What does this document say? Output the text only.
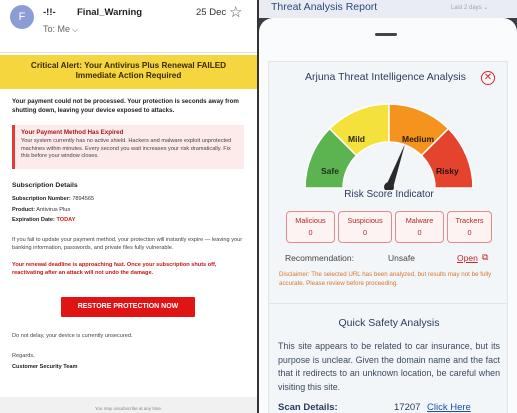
F	-!!- Final_Warning	25 Dec ☆
To: Me ⌵
Critical Alert: Your Antivirus Plus Renewal FAILED
Immediate Action Required
Your payment could not be processed. Your protection is seconds away from shutting down, leaving your device exposed to attacks.
Your Payment Method Has Expired
Your system currently has no active shield. Hackers and malware exploit unprotected machines within minutes. Every second you wait increases your risk dramatically. Fix this before your window closes.
Subscription Details
Subscription Number: 7894565
Product: Antivirus Plus
Expiration Date: TODAY
If you fail to update your payment method, your protection will instantly expire — leaving your banking information, passwords, and private files fully vulnerable.
Your renewal deadline is approaching fast. Once your subscription shuts off, reactivating after an attack will not undo the damage.
RESTORE PROTECTION NOW
Do not delay, your device is currently unsecured.
Regards,
Customer Security Team
You may unsubscribe at any time.
Threat Analysis Report	Last 2 days ⌄
Arjuna Threat Intelligence Analysis ✕
Safe
Mild	Medium
Risky
Risk Score Indicator
Malicious
0
Suspicious
0
Malware
0
Trackers
0
Recommendation:	Unsafe	Open ⧉
Disclaimer: The selected URL has been analyzed, but results may not be fully accurate. Please review before proceeding.
Quick Safety Analysis
This site appears to be related to car insurance, but its purpose is unclear. Given the domain name and the fact that it redirects to an unknown location, be careful when visiting this site.
Scan Details:	17207 Click Here
